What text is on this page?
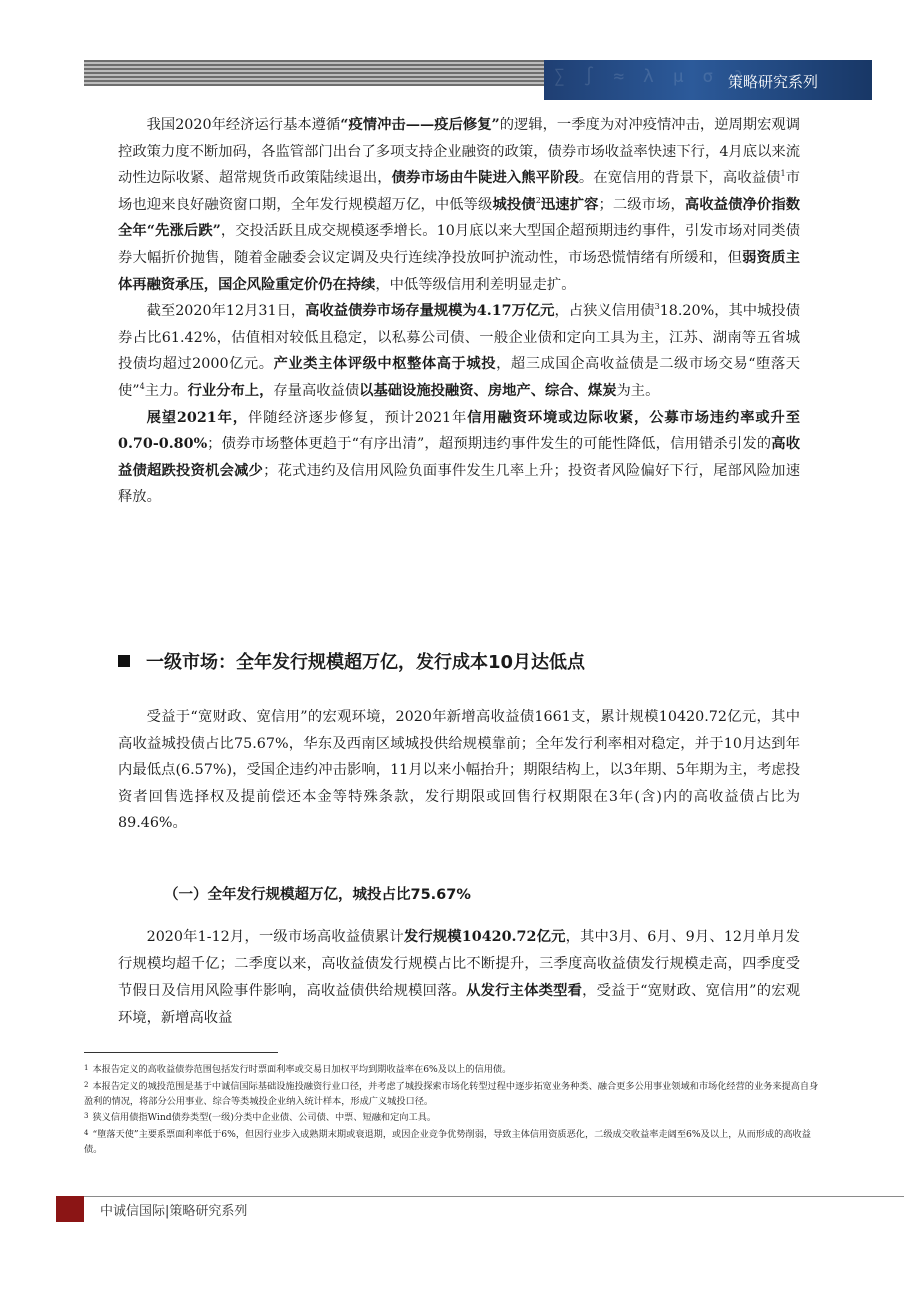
∑ ∫ ≈ λ μ σ ∂
策略研究系列

我国2020年经济运行基本遵循“疫情冲击——疫后修复”的逻辑，一季度为对冲疫情冲击，逆周期宏观调控政策力度不断加码，各监管部门出台了多项支持企业融资的政策，债券市场收益率快速下行，4月底以来流动性边际收紧、超常规货币政策陆续退出，债券市场由牛陡进入熊平阶段。在宽信用的背景下，高收益债$^1$市场也迎来良好融资窗口期，全年发行规模超万亿，中低等级城投债$^2$迅速扩容；二级市场，高收益债净价指数全年“先涨后跌”，交投活跃且成交规模逐季增长。10月底以来大型国企超预期违约事件，引发市场对同类债券大幅折价抛售，随着金融委会议定调及央行连续净投放呵护流动性，市场恐慌情绪有所缓和，但弱资质主体再融资承压，国企风险重定价仍在持续，中低等级信用利差明显走扩。

截至2020年12月31日，高收益债券市场存量规模为4.17万亿元，占狭义信用债$^3$18.20%，其中城投债券占比61.42%，估值相对较低且稳定，以私募公司债、一般企业债和定向工具为主，江苏、湖南等五省城投债均超过2000亿元。产业类主体评级中枢整体高于城投，超三成国企高收益债是二级市场交易“堕落天使”$^4$主力。行业分布上，存量高收益债以基础设施投融资、房地产、综合、煤炭为主。

展望2021年，伴随经济逐步修复，预计2021年信用融资环境或边际收紧，公募市场违约率或升至0.70-0.80%；债券市场整体更趋于“有序出清”，超预期违约事件发生的可能性降低，信用错杀引发的高收益债超跌投资机会减少；花式违约及信用风险负面事件发生几率上升；投资者风险偏好下行，尾部风险加速释放。

一级市场：全年发行规模超万亿，发行成本10月达低点

受益于“宽财政、宽信用”的宏观环境，2020年新增高收益债1661支，累计规模10420.72亿元，其中高收益城投债占比75.67%，华东及西南区域城投供给规模靠前；全年发行利率相对稳定，并于10月达到年内最低点(6.57%)，受国企违约冲击影响，11月以来小幅抬升；期限结构上，以3年期、5年期为主，考虑投资者回售选择权及提前偿还本金等特殊条款，发行期限或回售行权期限在3年(含)内的高收益债占比为89.46%。

（一）全年发行规模超万亿，城投占比75.67%

2020年1-12月，一级市场高收益债累计发行规模10420.72亿元，其中3月、6月、9月、12月单月发行规模均超千亿；二季度以来，高收益债发行规模占比不断提升，三季度高收益债发行规模走高，四季度受节假日及信用风险事件影响，高收益债供给规模回落。从发行主体类型看，受益于“宽财政、宽信用”的宏观环境，新增高收益

$^1$ 本报告定义的高收益债券范围包括发行时票面利率或交易日加权平均到期收益率在6%及以上的信用债。

$^2$ 本报告定义的城投范围是基于中诚信国际基础设施投融资行业口径，并考虑了城投探索市场化转型过程中逐步拓宽业务种类、融合更多公用事业领域和市场化经营的业务来提高自身盈利的情况，将部分公用事业、综合等类城投企业纳入统计样本，形成广义城投口径。

$^3$ 狭义信用债指Wind债券类型(一级)分类中企业债、公司债、中票、短融和定向工具。

$^4$ “堕落天使”主要系票面利率低于6%，但因行业步入成熟期末期或衰退期，或因企业竞争优势削弱，导致主体信用资质恶化，二级成交收益率走阔至6%及以上，从而形成的高收益债。

中诚信国际|策略研究系列
